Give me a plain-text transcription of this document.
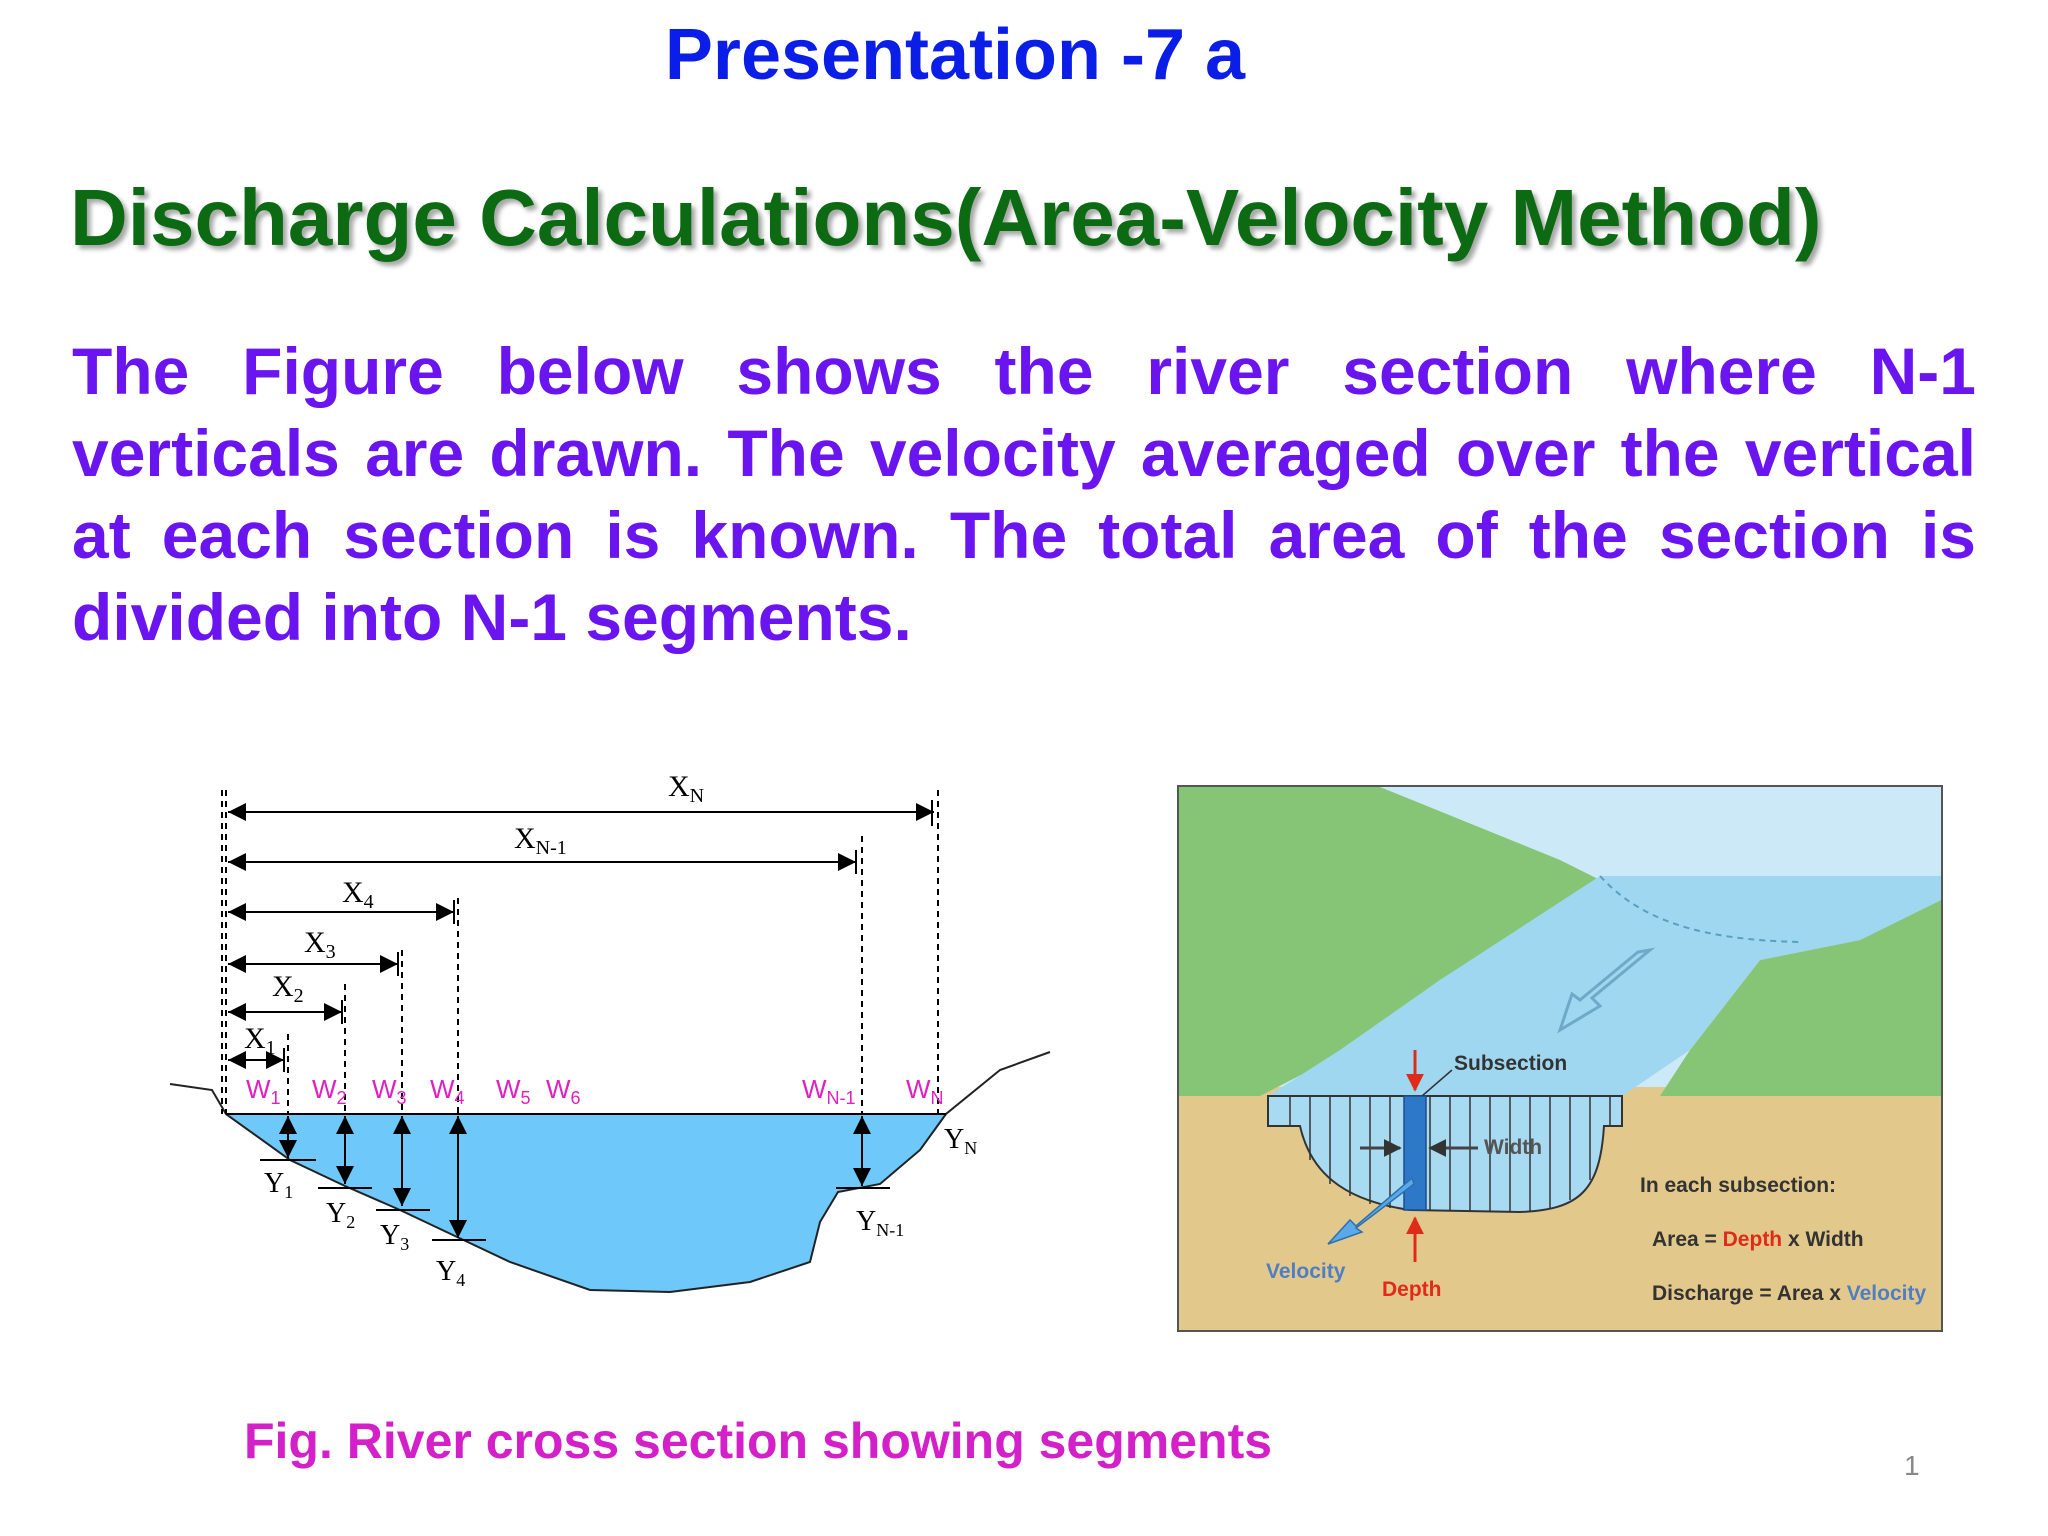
Presentation -7 a
Discharge Calculations(Area-Velocity Method)
The Figure below shows the river section where N-1 verticals are drawn. The velocity averaged over the vertical at each section is known. The total area of the section is divided into N-1 segments.
$X_N$
$X_{N-1}$
$X_4$
$X_3$
$X_2$
$X_1$
$W_1$ $W_2$ $W_3$ $W_4$ $W_5$ $W_6$	$W_{N-1}$ $W_N$
$Y_1$
$Y_2$ $Y_3$
$Y_4$
$Y_{N-1}$
$Y_N$
Subsection
Width
Velocity
Depth
In each subsection:
Area = Depth x Width
Discharge = Area x Velocity
Fig. River cross section showing segments	1
